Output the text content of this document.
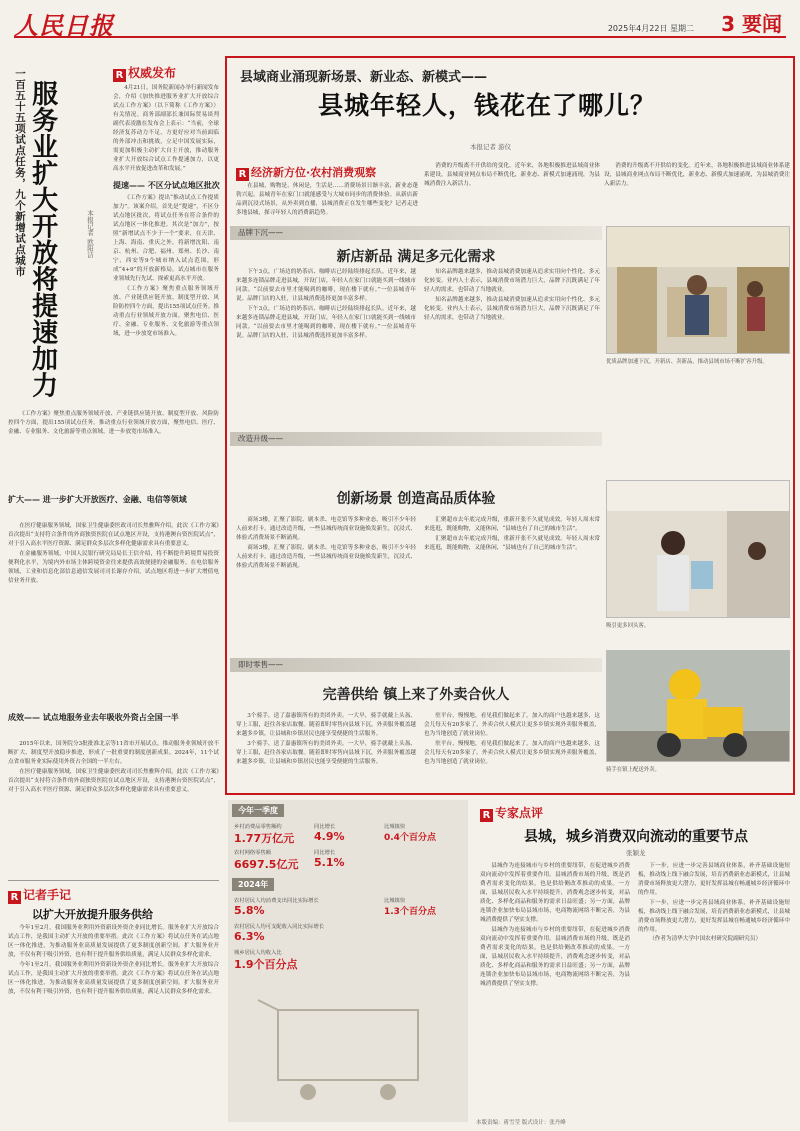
人民日报	2025年4月22日 星期二 3 要闻
一百五十五项试点任务，九个新增试点城市 服务业扩大开放将提速加力	本报记者 欧阳洁
R 权威发布

4月21日，国务院新闻办举行新闻发布会，介绍《加快推进服务业扩大开放综合试点工作方案》（以下简称《工作方案》）有关情况。商务部副部长兼国际贸易谈判副代表凌激在发布会上表示：“当前，全球经济复苏动力不足，方更好应对当前面临的外部冲击和挑战，立足中国发展实际，需更加积极主动扩大自主开放，推动服务业扩大开放综合试点工作提速加力，以更高水平开放促进改革和发展。”

提速—— 不区分试点地区批次

《工作方案》提出“推动试点工作提质加力”。该案介绍，首先是“提速”，不区分试点地区批次，将试点任务在符合条件的试点地区一体化推进。其次是“加力”，按照“新增试点不少于一个”要求，在天津、上海、海南、重庆之外，将新增沈阳、南京、杭州、合肥、福州、郑州、长沙、南宁、西安等9个城市纳入试点范围，形成“4+9”的开放新格局。试点城市在服务业领域先行先试、探索更高水平开放。

《工作方案》聚焦重点服务领域开放、产业链供应链开放、制度型开放、风险防控四个方面，提出155项试点任务。推动重点行业领域开放方面，聚焦电信、医疗、金融、专业服务、文化旅游等重点领域，进一步放宽市场准入。

《工作方案》聚焦重点服务领域开放、产业链供应链开放、制度型开放、风险防控四个方面，提出155项试点任务。推动重点行业领域开放方面，聚焦电信、医疗、金融、专业服务、文化旅游等重点领域，进一步放宽市场准入。

扩大—— 进一步扩大开放医疗、金融、电信等领域

在医疗健康服务领域，国家卫生健康委医政司司长焦雅辉介绍，此次《工作方案》首次提出“支持符合条件的外商独资医院在试点地区开设，支持港澳台资医院试点”，对于引入高水平医疗资源、满足群众多层次多样化健康需求具有重要意义。

在金融服务领域，中国人民银行研究局局长王信介绍，将不断提升跨境贸易投资便利化水平，为境内外市场主体跨境资金往来提供高效便捷的金融服务。在电信服务领域，工业和信息化部信息通信发展司司长谢存介绍，试点地区将进一步扩大增值电信业务开放。

成效—— 试点地服务业去年吸收外资占全国一半

2015年以来，国务院分3批批准北京等11省市开展试点，推动服务业领域开放不断扩大、制度型开放稳步推进，形成了一批重要的制度创新成果。2024年，11个试点省市服务业实际使用外资占全国的一半左右。

在医疗健康服务领域，国家卫生健康委医政司司长焦雅辉介绍，此次《工作方案》首次提出“支持符合条件的外商独资医院在试点地区开设，支持港澳台资医院试点”，对于引入高水平医疗资源、满足群众多层次多样化健康需求具有重要意义。

R 记者手记
以扩大开放提升服务供给

今年1至2月，我国服务业利用外资新设外资企业同比增长。服务业扩大开放综合试点工作，是我国主动扩大开放的重要举措。此次《工作方案》将试点任务在试点地区一体化推进，为推动服务业高质量发展提供了更多制度创新空间。扩大服务业开放，不仅有利于吸引外资，也有利于提升服务供给质量，满足人民群众多样化需求。

今年1至2月，我国服务业利用外资新设外资企业同比增长。服务业扩大开放综合试点工作，是我国主动扩大开放的重要举措。此次《工作方案》将试点任务在试点地区一体化推进，为推动服务业高质量发展提供了更多制度创新空间。扩大服务业开放，不仅有利于吸引外资，也有利于提升服务供给质量，满足人民群众多样化需求。

县域商业涌现新场景、新业态、新模式——
县城年轻人，钱花在了哪儿？
本报记者 游仪
R 经济新方位·农村消费观察

在县城，购物是、休闲是，生活是……消费场景日渐丰富，新业态蓬勃兴起。县城青年在家门口就能感受与大城市同步的消费体验。从新店新品到沉浸式场景，从外卖到直播，县城消费正在发生哪些变化？记者走进多地县城，探寻年轻人的消费新趋势。

消费的升级离不开供给的变化。近年来，各地积极推进县域商业体系建设，县城商业网点布局不断优化，新业态、新模式加速涌现，为县城消费注入新活力。

消费的升级离不开供给的变化。近年来，各地积极推进县域商业体系建设，县城商业网点布局不断优化，新业态、新模式加速涌现，为县城消费注入新活力。

品牌下沉——
新店新品 满足多元化需求

下午3点，广场边的奶茶店、咖啡店已经陆续排起长队。近年来，越来越多连锁品牌走进县城，开设门店，年轻人在家门口就能买到一线城市同款。“以前要去市里才能喝到的咖啡，现在楼下就有。”一位县城青年说。品牌门店的入驻，让县城消费选择更加丰富多样。

下午3点，广场边的奶茶店、咖啡店已经陆续排起长队。近年来，越来越多连锁品牌走进县城，开设门店，年轻人在家门口就能买到一线城市同款。“以前要去市里才能喝到的咖啡，现在楼下就有。”一位县城青年说。品牌门店的入驻，让县城消费选择更加丰富多样。

知名品牌越来越多，推动县城消费加速从追求实用向个性化、多元化转变。业内人士表示，县城消费市场潜力巨大，品牌下沉既满足了年轻人的需求，也带动了当地就业。

知名品牌越来越多，推动县城消费加速从追求实用向个性化、多元化转变。业内人士表示，县城消费市场潜力巨大，品牌下沉既满足了年轻人的需求，也带动了当地就业。

优质品牌加速下沉，开新店、卖新品，推动县域市场不断扩容升级。
改造升级——
创新场景 创造高品质体验

商场3楼，汇聚了影院、剧本杀、电竞馆等多种业态，吸引不少年轻人前来打卡。通过改造升级，一些县城传统商业设施焕发新生，沉浸式、体验式消费场景不断涌现。

商场3楼，汇聚了影院、剧本杀、电竞馆等多种业态，吸引不少年轻人前来打卡。通过改造升级，一些县城传统商业设施焕发新生，沉浸式、体验式消费场景不断涌现。

汇聚超市去年底完成升级，重新开张不久就见成效。年轻人周末常来逛逛，既能购物，又能休闲，“县城也有了自己的城市生活”。

汇聚超市去年底完成升级，重新开张不久就见成效。年轻人周末常来逛逛，既能购物，又能休闲，“县城也有了自己的城市生活”。

吸引更多回头客。
即时零售——
完善供给 镇上来了外卖合伙人

3个骑手，送了嘉惠镇所有的美团外卖。一大早，骑手就戴上头盔、穿上工服，赶往各家店取餐。随着即时零售向县域下沉，外卖服务覆盖越来越多乡镇，让县城和乡镇居民也能享受便捷的生活服务。

3个骑手，送了嘉惠镇所有的美团外卖。一大早，骑手就戴上头盔、穿上工服，赶往各家店取餐。随着即时零售向县域下沉，外卖服务覆盖越来越多乡镇，让县城和乡镇居民也能享受便捷的生活服务。

驻平台，慢慢地，看见我们做起来了，加入的商户也越来越多，这会儿每天有20多家了。外卖合伙人模式让更多乡镇实现外卖服务覆盖，也为当地创造了就业岗位。

驻平台，慢慢地，看见我们做起来了，加入的商户也越来越多，这会儿每天有20多家了。外卖合伙人模式让更多乡镇实现外卖服务覆盖，也为当地创造了就业岗位。

骑手在镇上配送外卖。
今年一季度
乡村消费品零售额约
1.77万亿元
同比增长
4.9%
比城镇快
0.4个百分点
农村网络零售额
6697.5亿元
同比增长
5.1%
2024年
农村居民人均消费支出同比实际增长
5.8%
比城镇快
1.3个百分点
农村居民人均可支配收入同比实际增长
6.3%
城乡居民人均收入比
1.9个百分点
R 专家点评
县城，城乡消费双向流动的重要节点
张颖龙

县城作为连接城市与乡村的重要纽带，在促进城乡消费双向流动中发挥着重要作用。县城消费市场的升级，既是消费者需求变化的结果，也是供给侧改革推动的成果。一方面，县城居民收入水平持续提升，消费观念逐步转变，对品质化、多样化商品和服务的需求日益旺盛；另一方面，品牌连锁企业加快布局县域市场，电商物流网络不断完善，为县城消费提供了坚实支撑。

县城作为连接城市与乡村的重要纽带，在促进城乡消费双向流动中发挥着重要作用。县城消费市场的升级，既是消费者需求变化的结果，也是供给侧改革推动的成果。一方面，县城居民收入水平持续提升，消费观念逐步转变，对品质化、多样化商品和服务的需求日益旺盛；另一方面，品牌连锁企业加快布局县域市场，电商物流网络不断完善，为县城消费提供了坚实支撑。

下一步，应进一步完善县域商业体系，补齐基础设施短板，推动线上线下融合发展，培育消费新业态新模式，让县城消费市场释放更大潜力，更好发挥县城在畅通城乡经济循环中的作用。

下一步，应进一步完善县域商业体系，补齐基础设施短板，推动线上线下融合发展，培育消费新业态新模式，让县城消费市场释放更大潜力，更好发挥县城在畅通城乡经济循环中的作用。

（作者为清华大学中国农村研究院副研究员）

本版责编：蒋雪莹 版式设计：张丹峰
